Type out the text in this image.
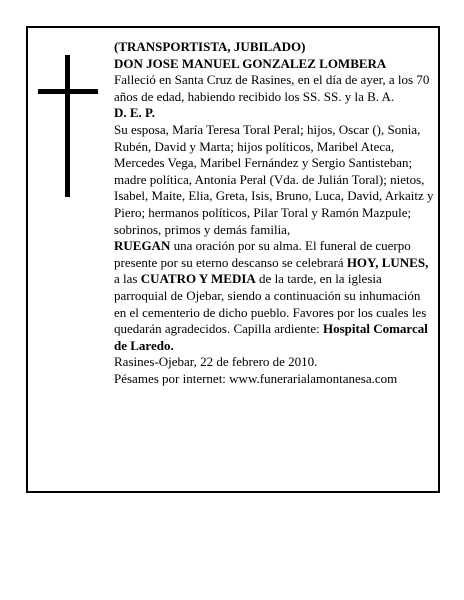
(TRANSPORTISTA, JUBILADO)

DON JOSE MANUEL GONZALEZ LOMBERA

Falleció en Santa Cruz de Rasines, en el día de ayer, a los 70 años de edad, habiendo recibido los SS. SS. y la B. A.

D. E. P.

Su esposa, María Teresa Toral Peral; hijos, Oscar (), Sonia, Rubén, David y Marta; hijos políticos, Maribel Ateca, Mercedes Vega, Maribel Fernández y Sergio Santisteban; madre política, Antonia Peral (Vda. de Julián Toral); nietos, Isabel, Maite, Elia, Greta, Isis, Bruno, Luca, David, Arkaitz y Piero; hermanos políticos, Pilar Toral y Ramón Mazpule; sobrinos, primos y demás familia,

RUEGAN una oración por su alma. El funeral de cuerpo presente por su eterno descanso se celebrará HOY, LUNES, a las CUATRO Y MEDIA de la tarde, en la iglesia parroquial de Ojebar, siendo a continuación su inhumación en el cementerio de dicho pueblo. Favores por los cuales les quedarán agradecidos. Capilla ardiente: Hospital Comarcal de Laredo.

Rasines-Ojebar, 22 de febrero de 2010.

Pésames por internet: www.funerarialamontanesa.com
